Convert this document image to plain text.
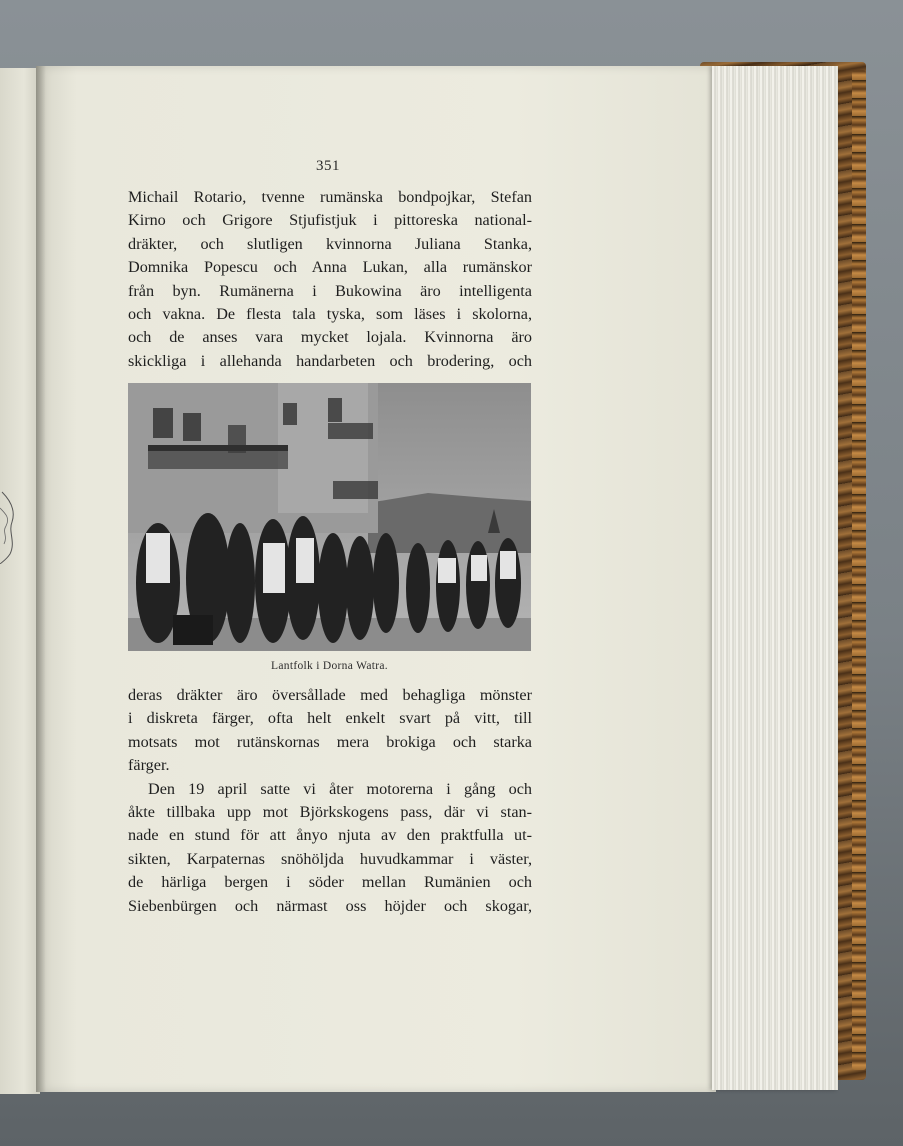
351
Michail Rotario, tvenne rumänska bondpojkar, Stefan
Kirno och Grigore Stjufistjuk i pittoreska national-
dräkter, och slutligen kvinnorna Juliana Stanka,
Domnika Popescu och Anna Lukan, alla rumänskor
från byn. Rumänerna i Bukowina äro intelligenta
och vakna. De flesta tala tyska, som läses i skolorna,
och de anses vara mycket lojala. Kvinnorna äro
skickliga i allehanda handarbeten och brodering, och
Lantfolk i Dorna Watra.
deras dräkter äro översållade med behagliga mönster
i diskreta färger, ofta helt enkelt svart på vitt, till
motsats mot rutänskornas mera brokiga och starka
färger.
Den 19 april satte vi åter motorerna i gång och
åkte tillbaka upp mot Björkskogens pass, där vi stan-
nade en stund för att ånyo njuta av den praktfulla ut-
sikten, Karpaternas snöhöljda huvudkammar i väster,
de härliga bergen i söder mellan Rumänien och
Siebenbürgen och närmast oss höjder och skogar,
